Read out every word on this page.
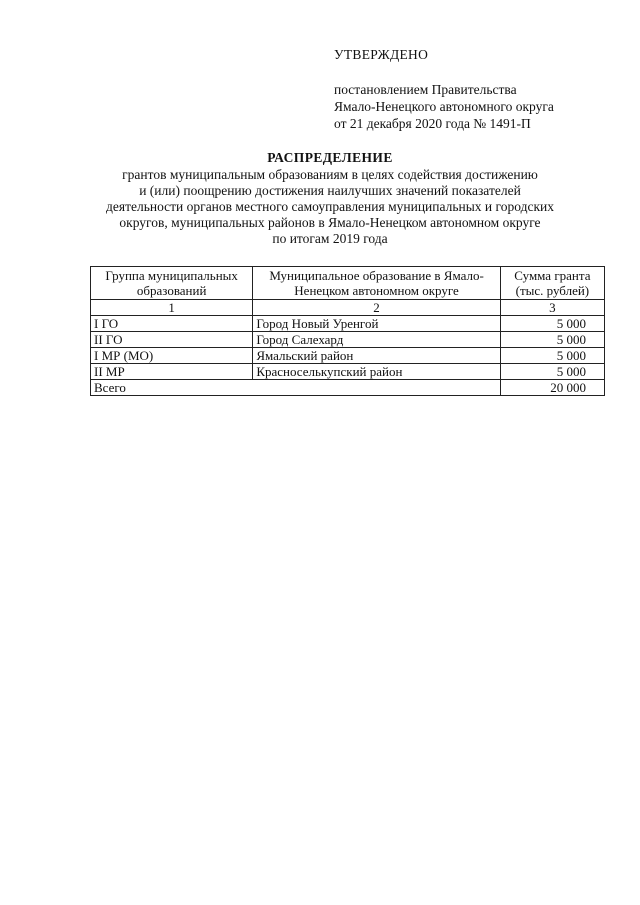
УТВЕРЖДЕНО
постановлением Правительства
Ямало-Ненецкого автономного округа
от 21 декабря 2020 года № 1491-П
РАСПРЕДЕЛЕНИЕ
грантов муниципальным образованиям в целях содействия достижению
и (или) поощрению достижения наилучших значений показателей
деятельности органов местного самоуправления муниципальных и городских
округов, муниципальных районов в Ямало-Ненецком автономном округе
по итогам 2019 года
Группа муниципальных образований	Муниципальное образование в Ямало-Ненецком автономном округе	Сумма гранта (тыс. рублей)
1	2	3
I ГО	Город Новый Уренгой	5 000
II ГО	Город Салехард	5 000
I МР (МО)	Ямальский район	5 000
II МР	Красноселькупский район	5 000
Всего		20 000
